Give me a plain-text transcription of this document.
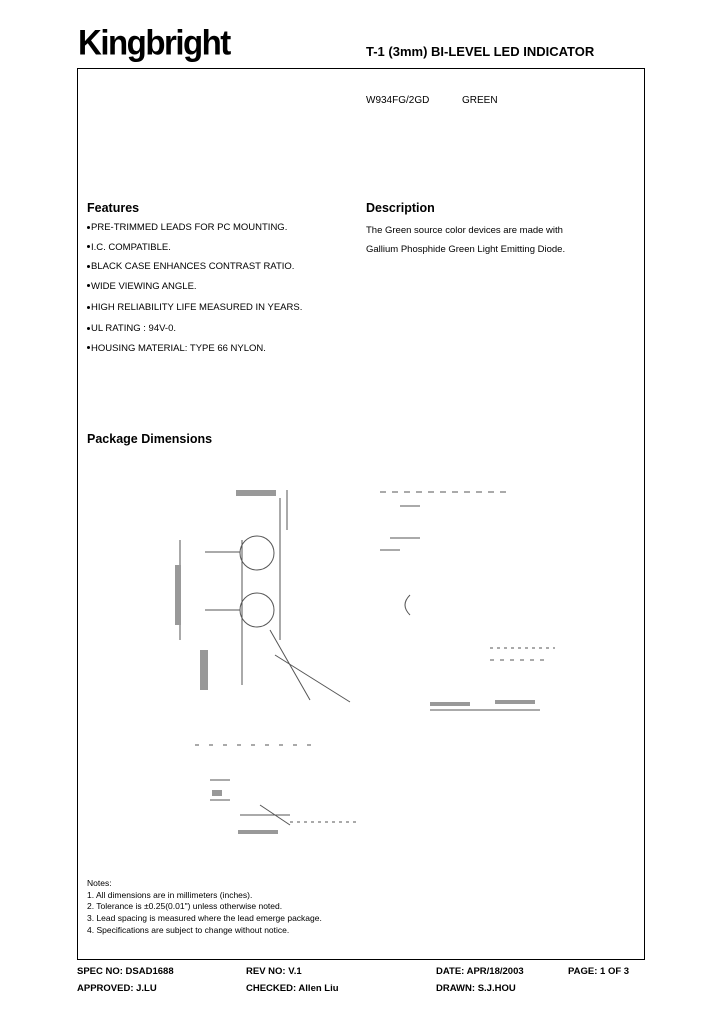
Kingbright	T-1 (3mm) BI-LEVEL LED INDICATOR
W934FG/2GD	GREEN
Features
PRE-TRIMMED LEADS FOR PC MOUNTING.
I.C. COMPATIBLE.
BLACK CASE ENHANCES CONTRAST RATIO.
WIDE VIEWING ANGLE.
HIGH RELIABILITY LIFE MEASURED IN YEARS.
UL RATING : 94V-0.
HOUSING MATERIAL: TYPE 66 NYLON.
Description
The Green source color devices are made with
Gallium Phosphide Green Light Emitting Diode.
Package Dimensions
Notes:
1. All dimensions are in millimeters (inches).
2. Tolerance is ±0.25(0.01") unless otherwise noted.
3. Lead spacing is measured where the lead emerge package.
4. Specifications are subject to change without notice.
SPEC NO: DSAD1688	REV NO: V.1	DATE: APR/18/2003	PAGE: 1 OF 3
APPROVED: J.LU	CHECKED: Allen Liu	DRAWN: S.J.HOU
